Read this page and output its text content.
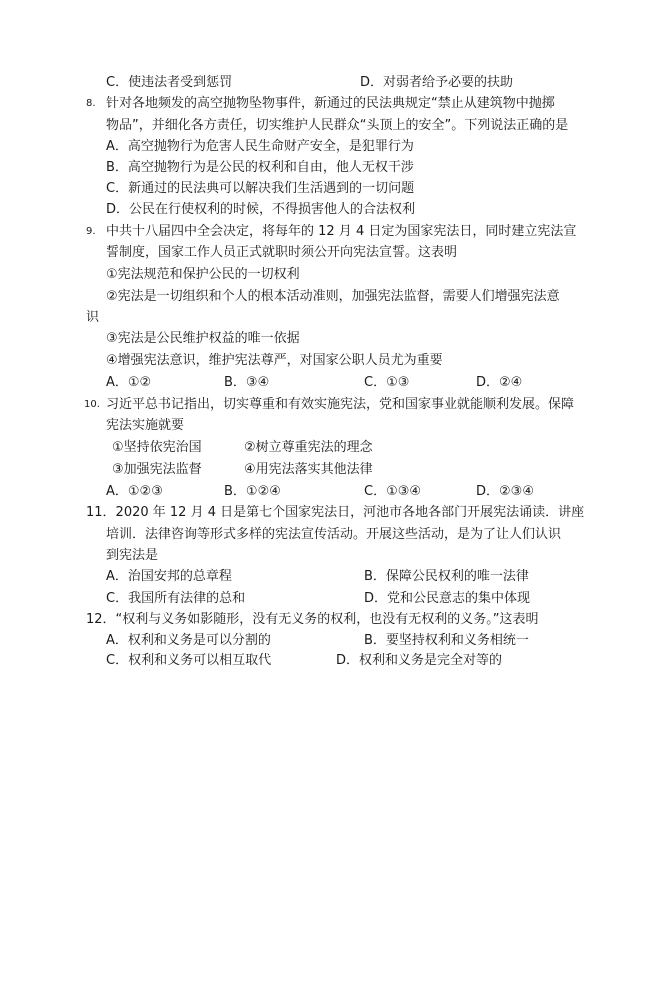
C．使违法者受到惩罚	D．对弱者给予必要的扶助
8. 针对各地频发的高空抛物坠物事件，新通过的民法典规定“禁止从建筑物中抛掷
物品”，并细化各方责任，切实维护人民群众“头顶上的安全”。下列说法正确的是
A．高空抛物行为危害人民生命财产安全，是犯罪行为
B．高空抛物行为是公民的权利和自由，他人无权干涉
C．新通过的民法典可以解决我们生活遇到的一切问题
D．公民在行使权利的时候，不得损害他人的合法权利
9. 中共十八届四中全会决定，将每年的 12 月 4 日定为国家宪法日，同时建立宪法宣
誓制度，国家工作人员正式就职时须公开向宪法宣誓。这表明
①宪法规范和保护公民的一切权利
②宪法是一切组织和个人的根本活动准则，加强宪法监督，需要人们增强宪法意
识
③宪法是公民维护权益的唯一依据
④增强宪法意识，维护宪法尊严，对国家公职人员尤为重要
A．①②	B．③④	C．①③	D．②④
10. 习近平总书记指出，切实尊重和有效实施宪法，党和国家事业就能顺利发展。保障
宪法实施就要
①坚持依宪治国	②树立尊重宪法的理念
③加强宪法监督	④用宪法落实其他法律
A．①②③	B．①②④	C．①③④	D．②③④
11．2020 年 12 月 4 日是第七个国家宪法日，河池市各地各部门开展宪法诵读．讲座
培训．法律咨询等形式多样的宪法宣传活动。开展这些活动，是为了让人们认识
到宪法是
A．治国安邦的总章程	B．保障公民权利的唯一法律
C．我国所有法律的总和	D．党和公民意志的集中体现
12．“权利与义务如影随形，没有无义务的权利，也没有无权利的义务。”这表明
A．权利和义务是可以分割的	B．要坚持权利和义务相统一
C．权利和义务可以相互取代	D．权利和义务是完全对等的
